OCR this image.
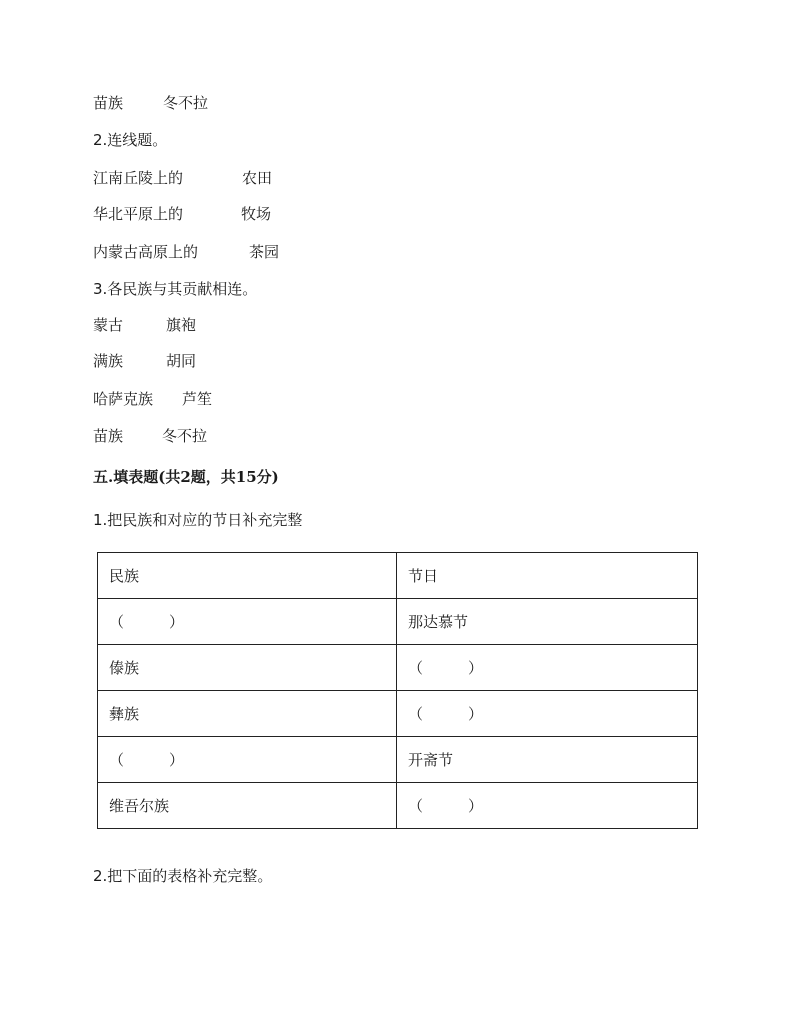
苗族	冬不拉
2.连线题。
江南丘陵上的	农田
华北平原上的	牧场
内蒙古高原上的	茶园
3.各民族与其贡献相连。
蒙古	旗袍
满族	胡同
哈萨克族 芦笙
苗族	冬不拉
五.填表题(共2题，共15分)
1.把民族和对应的节日补充完整
民族	节日
（　　　）	那达慕节
傣族	（　　　）
彝族	（　　　）
（　　　）	开斋节
维吾尔族	（　　　）
2.把下面的表格补充完整。
